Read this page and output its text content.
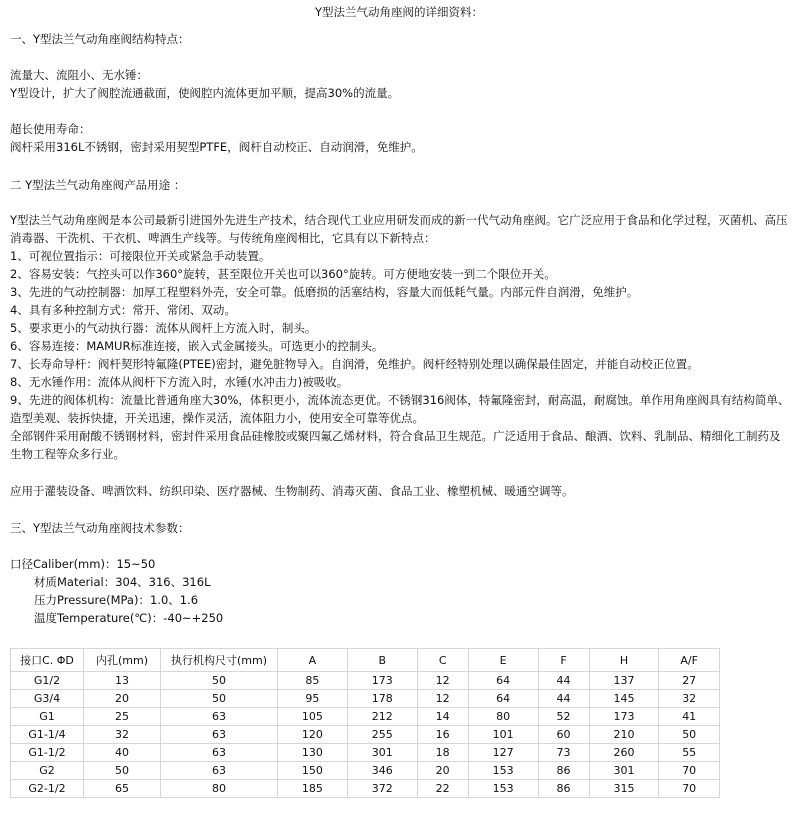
Y型法兰气动角座阀的详细资料：
一、Y型法兰气动角座阀结构特点：
流量大、流阻小、无水锤：
Y型设计，扩大了阀腔流通截面，使阀腔内流体更加平顺，提高30%的流量。
超长使用寿命：
阀杆采用316L不锈钢，密封采用契型PTFE，阀杆自动校正、自动润滑，免维护。
二 Y型法兰气动角座阀产品用途 ：
Y型法兰气动角座阀是本公司最新引进国外先进生产技术，结合现代工业应用研发而成的新一代气动角座阀。它广泛应用于食品和化学过程，灭菌机、高压消毒器、干洗机、干衣机、啤酒生产线等。与传统角座阀相比，它具有以下新特点：
1、可视位置指示：可接限位开关或紧急手动装置。
2、容易安装：气控头可以作360°旋转，甚至限位开关也可以360°旋转。可方便地安装一到二个限位开关。
3、先进的气动控制器：加厚工程塑料外壳，安全可靠。低磨损的活塞结构，容量大而低耗气量。内部元件自润滑，免维护。
4、具有多种控制方式：常开、常闭、双动。
5、要求更小的气动执行器：流体从阀杆上方流入时，制头。
6、容易连接：MAMUR标准连接，嵌入式金属接头。可选更小的控制头。
7、长寿命导杆：阀杆契形特氟隆(PTEE)密封，避免脏物导入。自润滑，免维护。阀杆经特别处理以确保最佳固定，并能自动校正位置。
8、无水锤作用：流体从阀杆下方流入时，水锤(水冲击力)被吸收。
9、先进的阀体机构：流量比普通角座大30%，体积更小，流体流态更优。不锈钢316阀体，特氟隆密封，耐高温，耐腐蚀。单作用角座阀具有结构简单、造型美观、装拆快捷，开关迅速，操作灵活，流体阻力小，使用安全可靠等优点。
全部钢件采用耐酸不锈钢材料，密封件采用食品硅橡胶或聚四氟乙烯材料，符合食品卫生规范。广泛适用于食品、酿酒、饮料、乳制品、精细化工制药及生物工程等众多行业。
应用于灌装设备、啤酒饮料、纺织印染、医疗器械、生物制药、消毒灭菌、食品工业、橡塑机械、暖通空调等。
三、Y型法兰气动角座阀技术参数：
口径Caliber(mm)：15~50
材质Material：304、316、316L
压力Pressure(MPa)：1.0、1.6
温度Temperature(℃)：-40~+250
接口C. ΦD	内孔(mm)	执行机构尺寸(mm)	A	B	C	E	F	H	A/F
G1/2	13	50	85	173	12	64	44	137	27
G3/4	20	50	95	178	12	64	44	145	32
G1	25	63	105	212	14	80	52	173	41
G1-1/4	32	63	120	255	16	101	60	210	50
G1-1/2	40	63	130	301	18	127	73	260	55
G2	50	63	150	346	20	153	86	301	70
G2-1/2	65	80	185	372	22	153	86	315	70
